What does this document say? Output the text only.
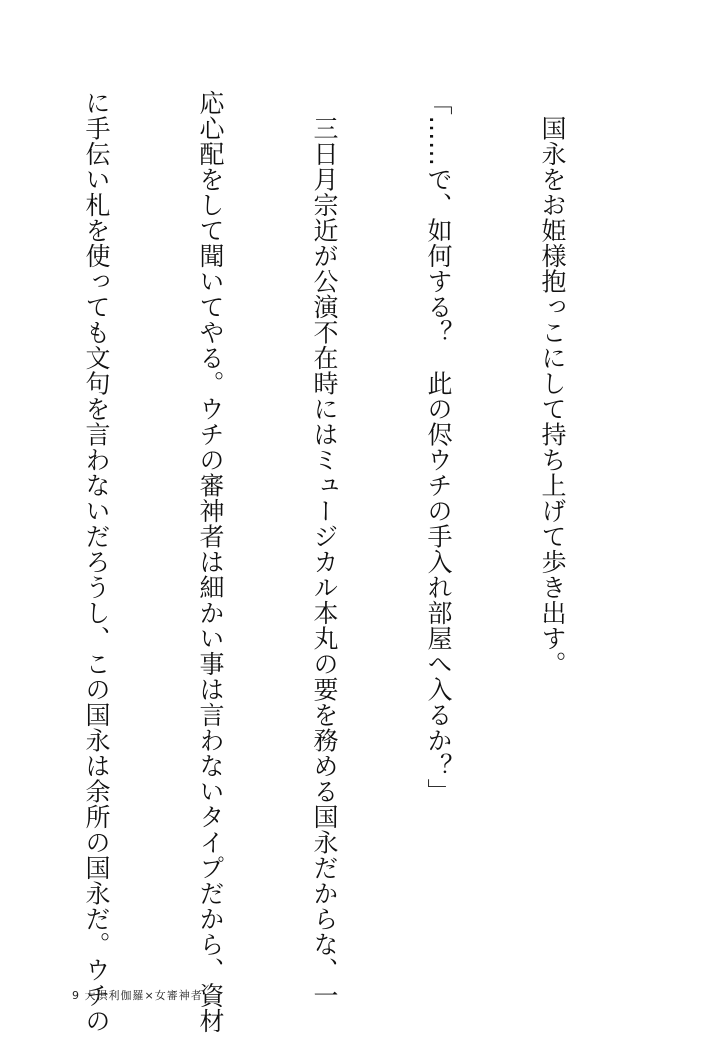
　国永をお姫様抱っこにして持ち上げて歩き出す。

「……で、如何する？　此の侭ウチの手入れ部屋へ入るか？」

　三日月宗近が公演不在時にはミュージカル本丸の要を務める国永だからな、一

応心配をして聞いてやる。ウチの審神者は細かい事は言わないタイプだから、資材

に手伝い札を使っても文句を言わないだろうし、この国永は余所の国永だ。ウチの

9 大倶利伽羅×女審神者
